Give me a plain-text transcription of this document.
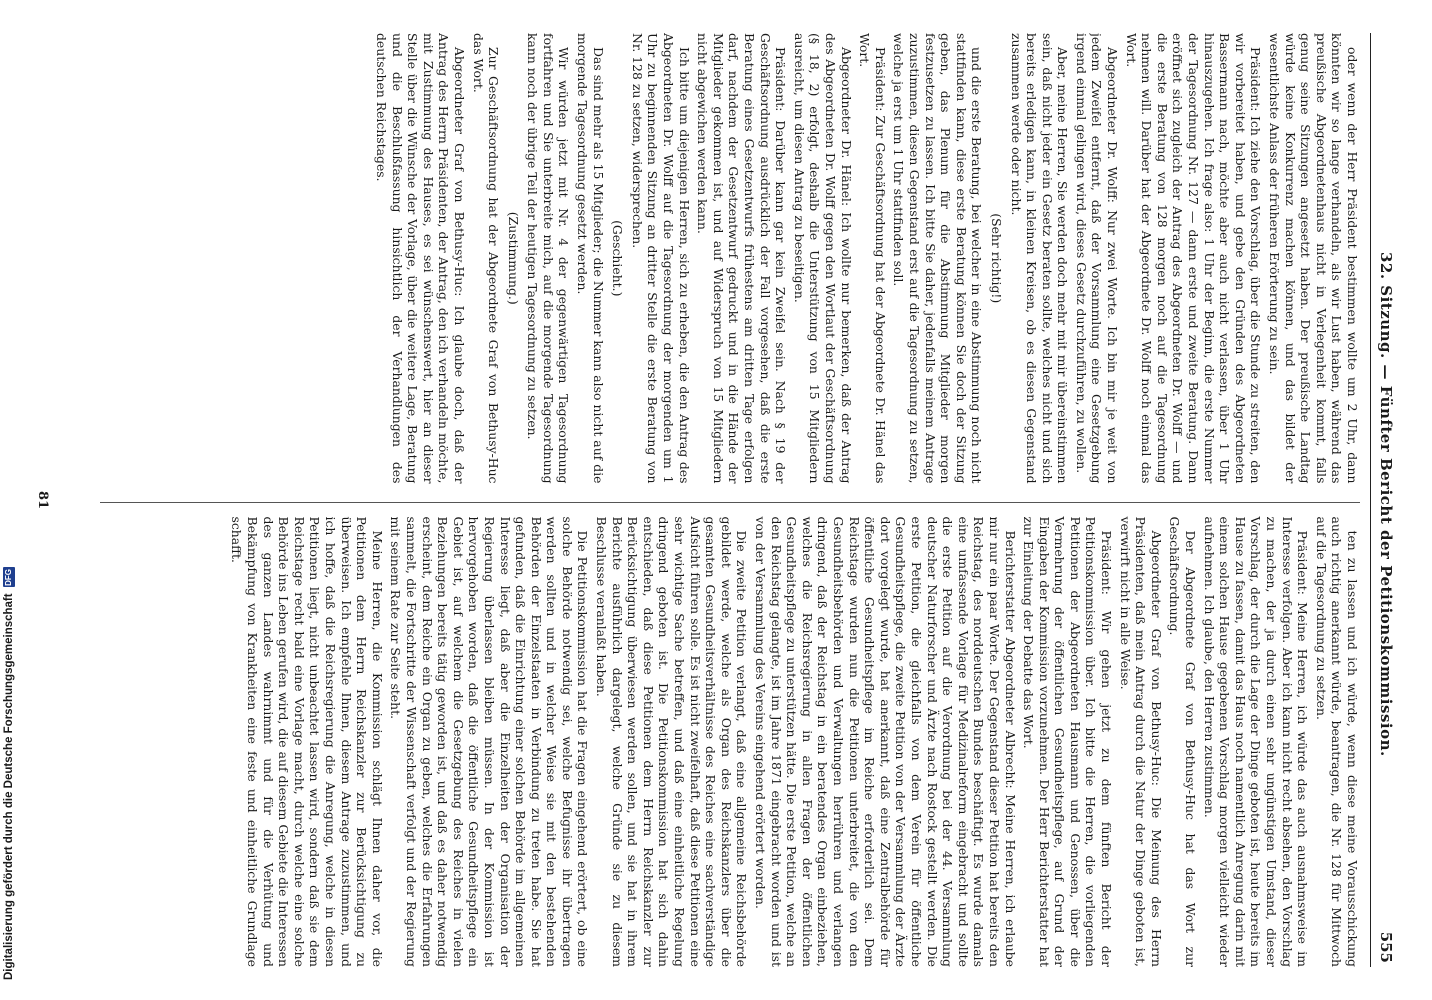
Digitalisierung gefördert durch die Deutsche Forschungsgemeinschaft
DFG	32. Sitzung. — Fünfter Bericht der Petitionskommission.
555

oder wenn der Herr Präsident bestimmen wollte um 2 Uhr, dann könnten wir so lange verhandeln, als wir Lust haben, während das preußische Abgeordnetenhaus nicht in Verlegenheit kommt, falls genug seine Sitzungen angesetzt haben. Der preußische Landtag würde keine Konkurrenz machen können, und das bildet der wesentlichste Anlass der früheren Erörterung zu sein.

Präsident: Ich ziehe den Vorschlag, über die Stunde zu streiten, den wir vorbereitet haben, und gebe den Gründen des Abgeordneten Bassermann nach, möchte aber auch nicht verlassen, über 1 Uhr hinauszugehen. Ich frage also: 1 Uhr der Beginn, die erste Nummer der Tagesordnung Nr. 127 — dann erste und zweite Beratung. Dann eröffnet sich zugleich der Antrag des Abgeordneten Dr. Wolff — und die erste Beratung von 128 morgen noch auf die Tagesordnung nehmen will. Darüber hat der Abgeordnete Dr. Wolff noch einmal das Wort.

Abgeordneter Dr. Wolff: Nur zwei Worte. Ich bin mir je weit von jedem Zweifel entfernt, daß der Vorsammlung eine Gesetzgebung irgend einmal gelingen wird, dieses Gesetz durchzuführen, zu wollen.

Aber, meine Herren, Sie werden doch mehr mit mir übereinstimmen sein, daß nicht jeder ein Gesetz beraten sollte, welches nicht und sich bereits erledigen kann, in kleinen Kreisen, ob es diesen Gegenstand zusammen werde oder nicht.

(Sehr richtig!)

und die erste Beratung, bei welcher in eine Abstimmung noch nicht stattfinden kann, diese erste Beratung können Sie doch der Sitzung geben, das Plenum für die Abstimmung Mitglieder morgen festzusetzen zu lassen. Ich bitte Sie daher, jedenfalls meinem Antrage zuzustimmen, diesen Gegenstand erst auf die Tagesordnung zu setzen, welche ja erst um 1 Uhr stattfinden soll.

Präsident: Zur Geschäftsordnung hat der Abgeordnete Dr. Hänel das Wort.

Abgeordneter Dr. Hänel: Ich wollte nur bemerken, daß der Antrag des Abgeordneten Dr. Wolff gegen den Wortlaut der Geschäftsordnung (§ 18, 2) erfolgt, deshalb die Unterstützung von 15 Mitgliedern ausreicht, um diesen Antrag zu beseitigen.

Präsident: Darüber kann gar kein Zweifel sein. Nach § 19 der Geschäftsordnung ausdrücklich der Fall vorgesehen, daß die erste Beratung eines Gesetzentwurfs frühestens am dritten Tage erfolgen darf, nachdem der Gesetzentwurf gedruckt und in die Hände der Mitglieder gekommen ist, und auf Widerspruch von 15 Mitgliedern nicht abgewichen werden kann.

Ich bitte um diejenigen Herren, sich zu erheben, die den Antrag des Abgeordneten Dr. Wolff auf die Tagesordnung der morgenden um 1 Uhr zu beginnenden Sitzung an dritter Stelle die erste Beratung von Nr. 128 zu setzen, widersprechen.

(Geschieht.)

Das sind mehr als 15 Mitglieder; die Nummer kann also nicht auf die morgende Tagesordnung gesetzt werden.

Wir würden jetzt mit Nr. 4 der gegenwärtigen Tagesordnung fortfahren und Sie unterbreite mich, auf die morgende Tagesordnung kann noch der übrige Teil der heutigen Tagesordnung zu setzen.

(Zustimmung.)

Zur Geschäftsordnung hat der Abgeordnete Graf von Bethusy-Huc das Wort.

Abgeordneter Graf von Bethusy-Huc: Ich glaube doch, daß der Antrag des Herrn Präsidenten, der Antrag, den ich verhandeln möchte, mit Zustimmung des Hauses, es sei wünschenswert, hier an dieser Stelle über die Wünsche der Vorlage, über die weitere Lage, Beratung und die Beschlußfassung hinsichtlich der Verhandlungen des deutschen Reichstages.

ten zu lassen und ich würde, wenn diese meine Vorausschickung auch richtig anerkannt würde, beantragen, die Nr. 128 für Mittwoch auf die Tagesordnung zu setzen.

Präsident: Meine Herren, ich würde das auch ausnahmsweise im Interesse verfolgen. Aber ich kann nicht recht absehen, den Vorschlag zu machen, der ja durch einen sehr ungünstigen Umstand, dieser Vorschlag, der durch die Lage der Dinge geboten ist, heute bereits im Hause zu fassen, damit das Haus noch namentlich Anregung darin mit einem solchen Hause gegebenen Vorschlag morgen vielleicht wieder aufnehmen. Ich glaube, den Herren zustimmen.

Der Abgeordnete Graf von Bethusy-Huc hat das Wort zur Geschäftsordnung.

Abgeordneter Graf von Bethusy-Huc: Die Meinung des Herrn Präsidenten, daß mein Antrag durch die Natur der Dinge geboten ist, verwirft nicht in alle Weise.

Präsident: Wir gehen jetzt zu dem fünften Bericht der Petitionskommission über. Ich bitte die Herren, die vorliegenden Petitionen der Abgeordneten Hausmann und Genossen, über die Vermehrung der öffentlichen Gesundheitspflege, auf Grund der Eingaben der Kommission vorzunehmen. Der Herr Berichterstatter hat zur Einleitung der Debatte das Wort.

Berichterstatter Abgeordneter Albrecht: Meine Herren, ich erlaube mir nur ein paar Worte. Der Gegenstand dieser Petition hat bereits den Reichstag, des norddeutschen Bundes beschäftigt. Es wurde damals eine umfassende Vorlage für Medizinalreform eingebracht und sollte die erste Petition auf die Verordnung bei der 44. Versammlung deutscher Naturforscher und Ärzte nach Rostock gestellt werden. Die erste Petition, die gleichfalls von dem Verein für öffentliche Gesundheitspflege, die zweite Petition von der Versammlung der Ärzte dort vorgelegt wurde, hat anerkannt, daß eine Zentralbehörde für öffentliche Gesundheitspflege im Reiche erforderlich sei. Dem Reichstage wurden nun die Petitionen unterbreitet, die von den Gesundheitsbehörden und Verwaltungen herrühren und verlangen dringend, daß der Reichstag in ein beratendes Organ einbeziehen, welches die Reichsregierung in allen Fragen der öffentlichen Gesundheitspflege zu unterstützen hätte. Die erste Petition, welche an den Reichstag gelangte, ist im Jahre 1871 eingebracht worden und ist von der Versammlung des Vereins eingehend erörtert worden.

Die zweite Petition verlangt, daß eine allgemeine Reichsbehörde gebildet werde, welche als Organ des Reichskanzlers über die gesamten Gesundheitsverhältnisse des Reiches eine sachverständige Aufsicht führen solle. Es ist nicht zweifelhaft, daß diese Petitionen eine sehr wichtige Sache betreffen, und daß eine einheitliche Regelung dringend geboten ist. Die Petitionskommission hat sich dahin entschieden, daß diese Petitionen dem Herrn Reichskanzler zur Berücksichtigung überwiesen werden sollen, und sie hat in ihrem Berichte ausführlich dargelegt, welche Gründe sie zu diesem Beschlusse veranlaßt haben.

Die Petitionskommission hat die Fragen eingehend erörtert, ob eine solche Behörde notwendig sei, welche Befugnisse ihr übertragen werden sollten und in welcher Weise sie mit den bestehenden Behörden der Einzelstaaten in Verbindung zu treten habe. Sie hat gefunden, daß die Einrichtung einer solchen Behörde im allgemeinen Interesse liegt, daß aber die Einzelheiten der Organisation der Regierung überlassen bleiben müssen. In der Kommission ist hervorgehoben worden, daß die öffentliche Gesundheitspflege ein Gebiet ist, auf welchem die Gesetzgebung des Reiches in vielen Beziehungen bereits tätig geworden ist, und daß es daher notwendig erscheint, dem Reiche ein Organ zu geben, welches die Erfahrungen sammelt, die Fortschritte der Wissenschaft verfolgt und der Regierung mit seinem Rate zur Seite steht.

Meine Herren, die Kommission schlägt Ihnen daher vor, die Petitionen dem Herrn Reichskanzler zur Berücksichtigung zu überweisen. Ich empfehle Ihnen, diesem Antrage zuzustimmen, und ich hoffe, daß die Reichsregierung die Anregung, welche in diesen Petitionen liegt, nicht unbeachtet lassen wird, sondern daß sie dem Reichstage recht bald eine Vorlage macht, durch welche eine solche Behörde ins Leben gerufen wird, die auf diesem Gebiete die Interessen des ganzen Landes wahrnimmt und für die Verhütung und Bekämpfung von Krankheiten eine feste und einheitliche Grundlage schafft.

81
